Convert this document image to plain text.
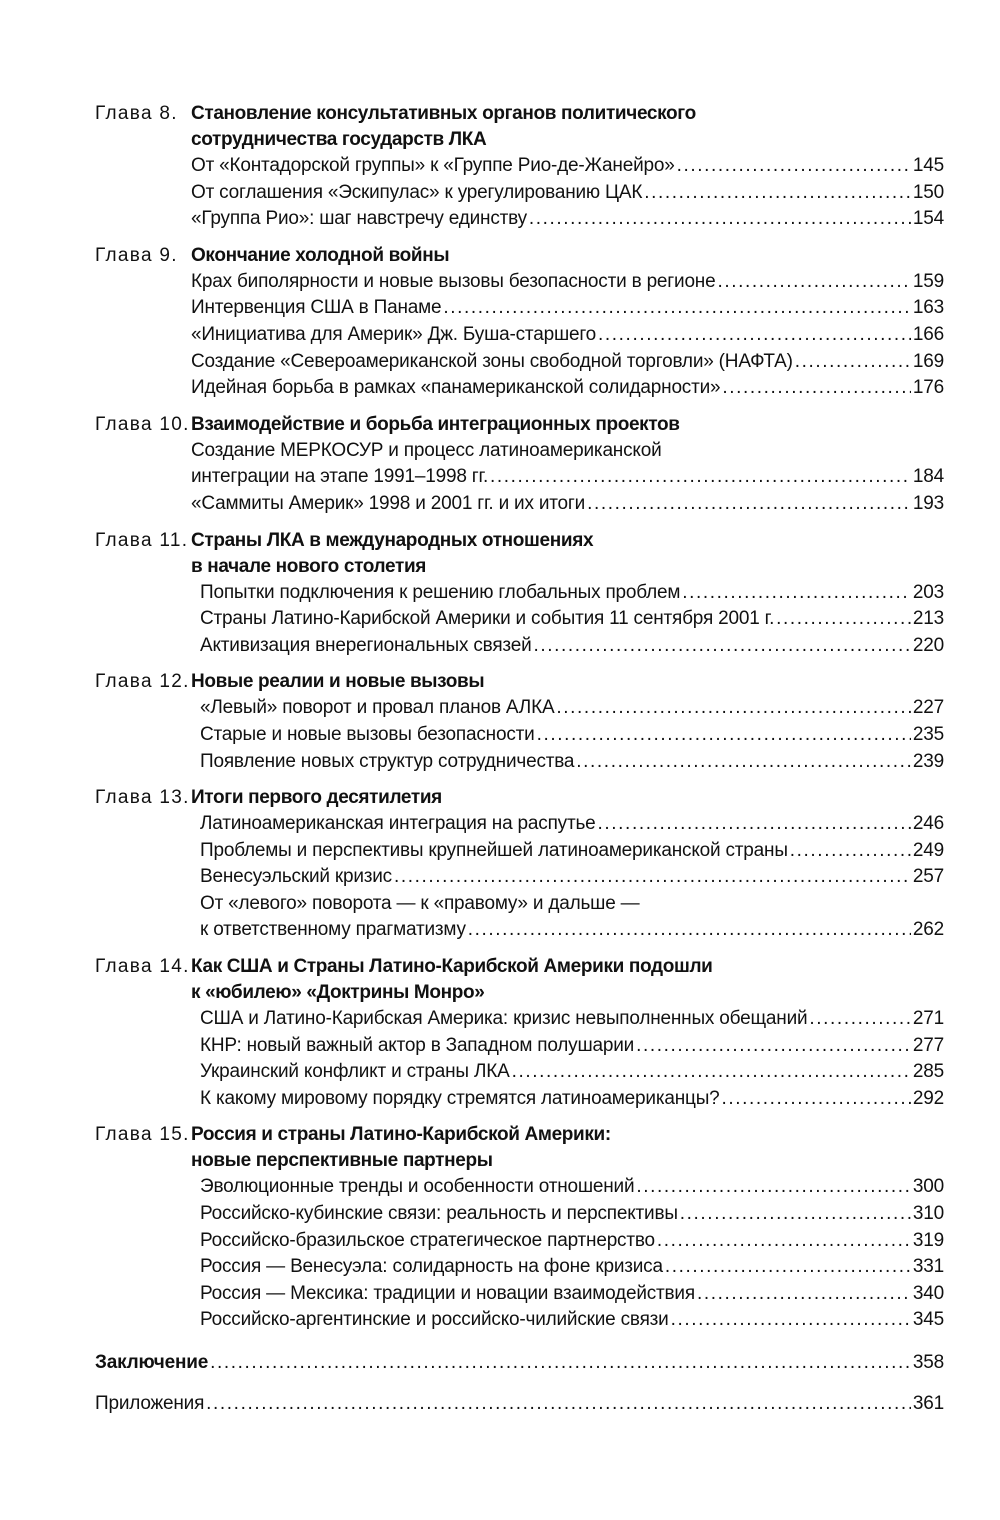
Глава 8. Становление консультативных органов политического
сотрудничества государств ЛКА
От «Контадорской группы» к «Группе Рио-де-Жанейро» .....	145
От соглашения «Эскипулас» к урегулированию ЦАК .....	150
«Группа Рио»: шаг навстречу единству .....	154
Глава 9. Окончание холодной войны
Крах биполярности и новые вызовы безопасности в регионе .....	159
Интервенция США в Панаме .....	163
«Инициатива для Америк» Дж. Буша-старшего .....	166
Создание «Североамериканской зоны свободной торговли» (НАФТА) .....	169
Идейная борьба в рамках «панамериканской солидарности» .....	176
Глава 10. Взаимодействие и борьба интеграционных проектов
Создание МЕРКОСУР и процесс латиноамериканской
интеграции на этапе 1991–1998 гг. .....	184
«Саммиты Америк» 1998 и 2001 гг. и их итоги .....	193
Глава 11. Страны ЛКА в международных отношениях
в начале нового столетия
Попытки подключения к решению глобальных проблем .....	203
Страны Латино-Карибской Америки и события 11 сентября 2001 г. .....	213
Активизация внерегиональных связей .....	220
Глава 12. Новые реалии и новые вызовы
«Левый» поворот и провал планов АЛКА .....	227
Старые и новые вызовы безопасности .....	235
Появление новых структур сотрудничества .....	239
Глава 13. Итоги первого десятилетия
Латиноамериканская интеграция на распутье .....	246
Проблемы и перспективы крупнейшей латиноамериканской страны .....	249
Венесуэльский кризис .....	257
От «левого» поворота — к «правому» и дальше —
к ответственному прагматизму .....	262
Глава 14. Как США и Страны Латино-Карибской Америки подошли
к «юбилею» «Доктрины Монро»
США и Латино-Карибская Америка: кризис невыполненных обещаний .....	271
КНР: новый важный актор в Западном полушарии .....	277
Украинский конфликт и страны ЛКА .....	285
К какому мировому порядку стремятся латиноамериканцы? .....	292
Глава 15. Россия и страны Латино-Карибской Америки:
новые перспективные партнеры
Эволюционные тренды и особенности отношений .....	300
Российско-кубинские связи: реальность и перспективы .....	310
Российско-бразильское стратегическое партнерство .....	319
Россия — Венесуэла: солидарность на фоне кризиса .....	331
Россия — Мексика: традиции и новации взаимодействия .....	340
Российско-аргентинские и российско-чилийские связи .....	345
Заключение .....	358
Приложения .....	361
